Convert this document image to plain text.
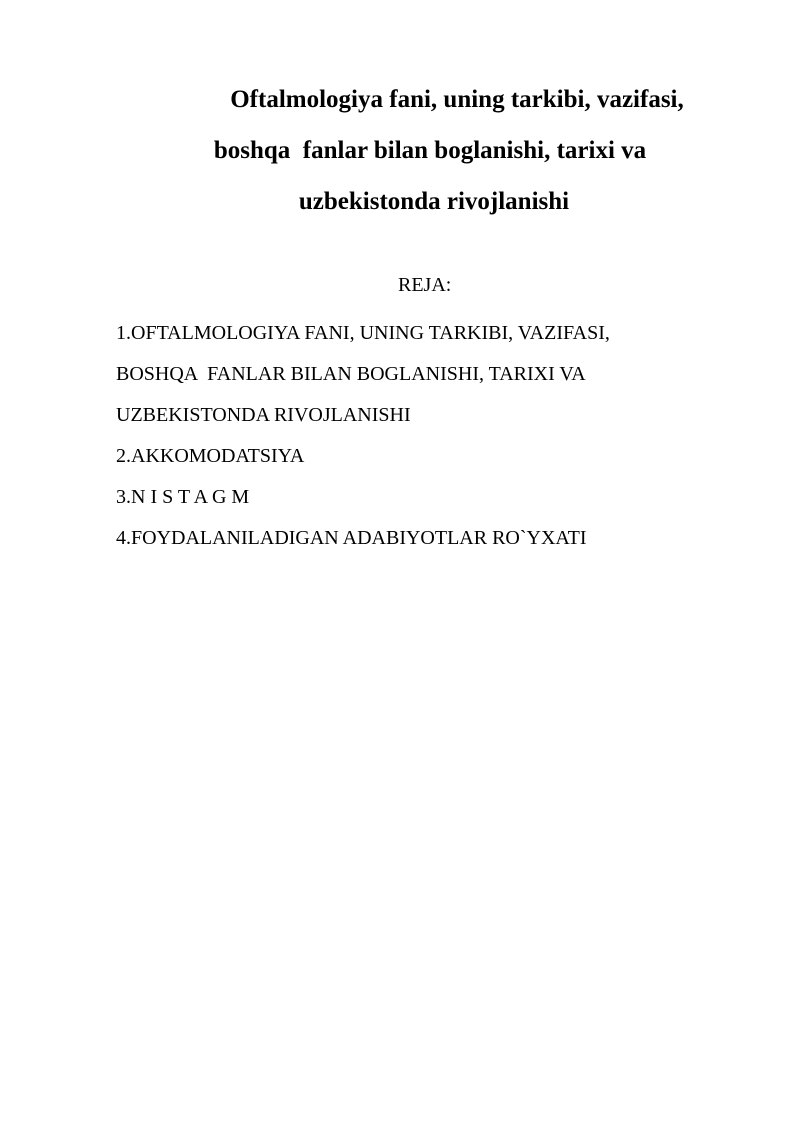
Oftalmologiya fani, uning tarkibi, vazifasi,
boshqa  fanlar bilan boglanishi, tarixi va
uzbekistonda rivojlanishi

REJA:

1.OFTALMOLOGIYA FANI, UNING TARKIBI, VAZIFASI,
BOSHQA  FANLAR BILAN BOGLANISHI, TARIXI VA
UZBEKISTONDA RIVOJLANISHI
2.AKKOMODATSIYA
3.N I S T A G M
4.FOYDALANILADIGAN ADABIYOTLAR RO`YXATI
